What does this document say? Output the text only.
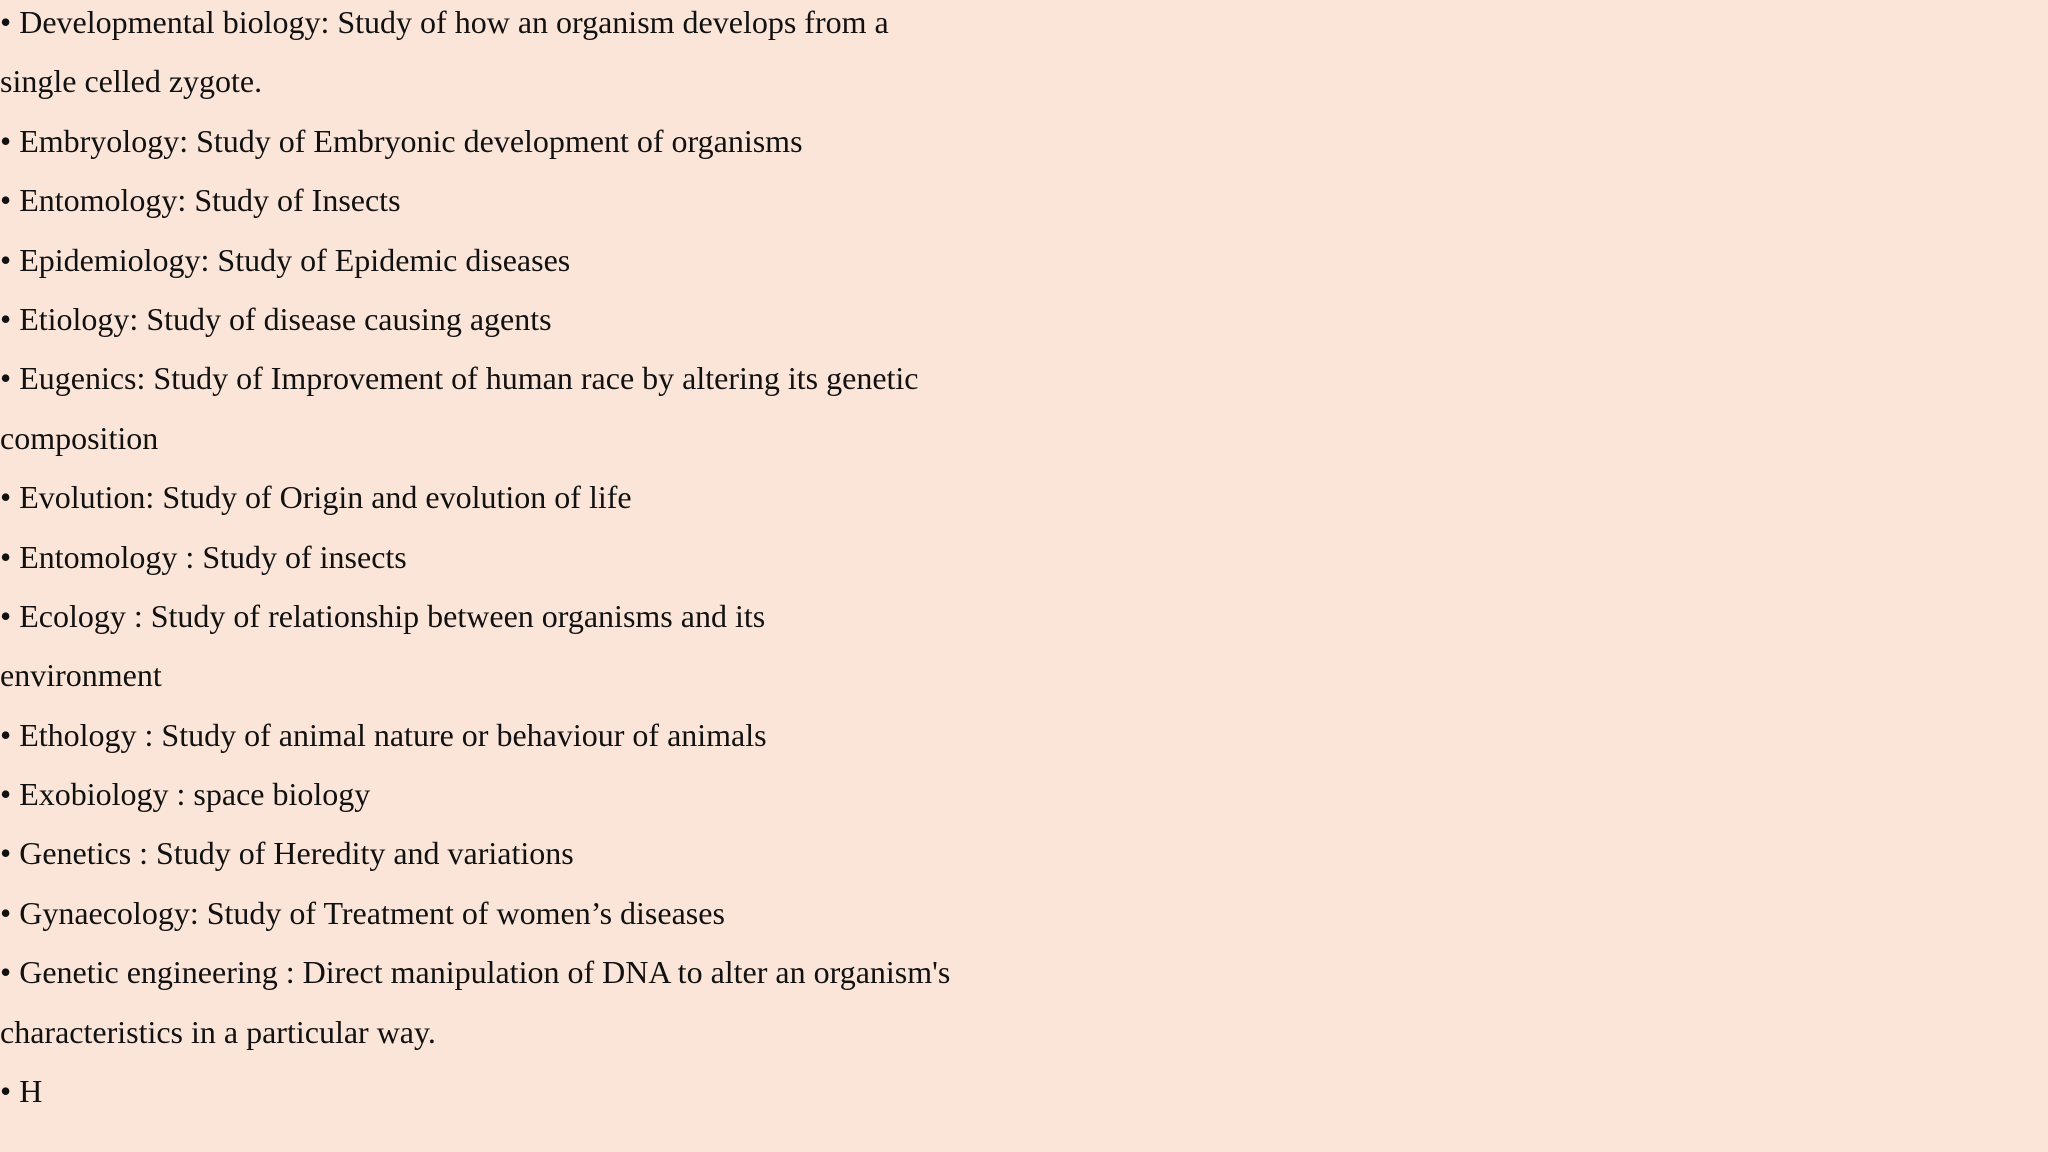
• Developmental biology: Study of how an organism develops from a
single celled zygote.
• Embryology: Study of Embryonic development of organisms
• Entomology: Study of Insects
• Epidemiology: Study of Epidemic diseases
• Etiology: Study of disease causing agents
• Eugenics: Study of Improvement of human race by altering its genetic
composition
• Evolution: Study of Origin and evolution of life
• Entomology : Study of insects
• Ecology : Study of relationship between organisms and its
environment
• Ethology : Study of animal nature or behaviour of animals
• Exobiology : space biology
• Genetics : Study of Heredity and variations
• Gynaecology: Study of Treatment of women’s diseases
• Genetic engineering : Direct manipulation of DNA to alter an organism's
characteristics in a particular way.
• H
